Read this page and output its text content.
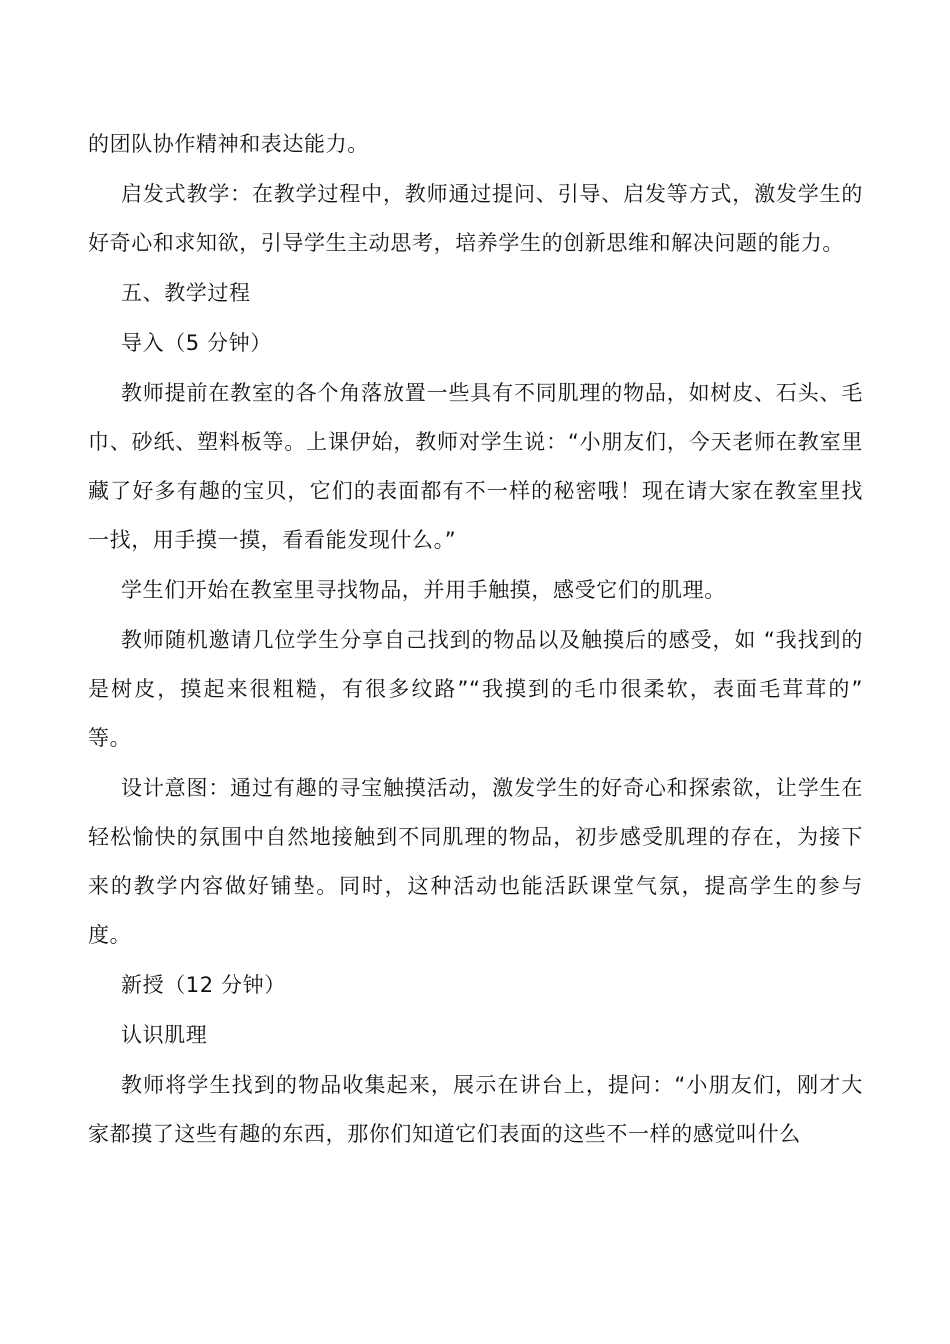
的团队协作精神和表达能力。

启发式教学：在教学过程中，教师通过提问、引导、启发等方式，激发学生的好奇心和求知欲，引导学生主动思考，培养学生的创新思维和解决问题的能力。

五、教学过程

导入（5 分钟）

教师提前在教室的各个角落放置一些具有不同肌理的物品，如树皮、石头、毛巾、砂纸、塑料板等。上课伊始，教师对学生说：“小朋友们，今天老师在教室里藏了好多有趣的宝贝，它们的表面都有不一样的秘密哦！现在请大家在教室里找一找，用手摸一摸，看看能发现什么。”

学生们开始在教室里寻找物品，并用手触摸，感受它们的肌理。

教师随机邀请几位学生分享自己找到的物品以及触摸后的感受，如 “我找到的是树皮，摸起来很粗糙，有很多纹路”“我摸到的毛巾很柔软，表面毛茸茸的” 等。

设计意图：通过有趣的寻宝触摸活动，激发学生的好奇心和探索欲，让学生在轻松愉快的氛围中自然地接触到不同肌理的物品，初步感受肌理的存在，为接下来的教学内容做好铺垫。同时，这种活动也能活跃课堂气氛，提高学生的参与度。

新授（12 分钟）

认识肌理

教师将学生找到的物品收集起来，展示在讲台上，提问：“小朋友们，刚才大家都摸了这些有趣的东西，那你们知道它们表面的这些不一样的感觉叫什么
